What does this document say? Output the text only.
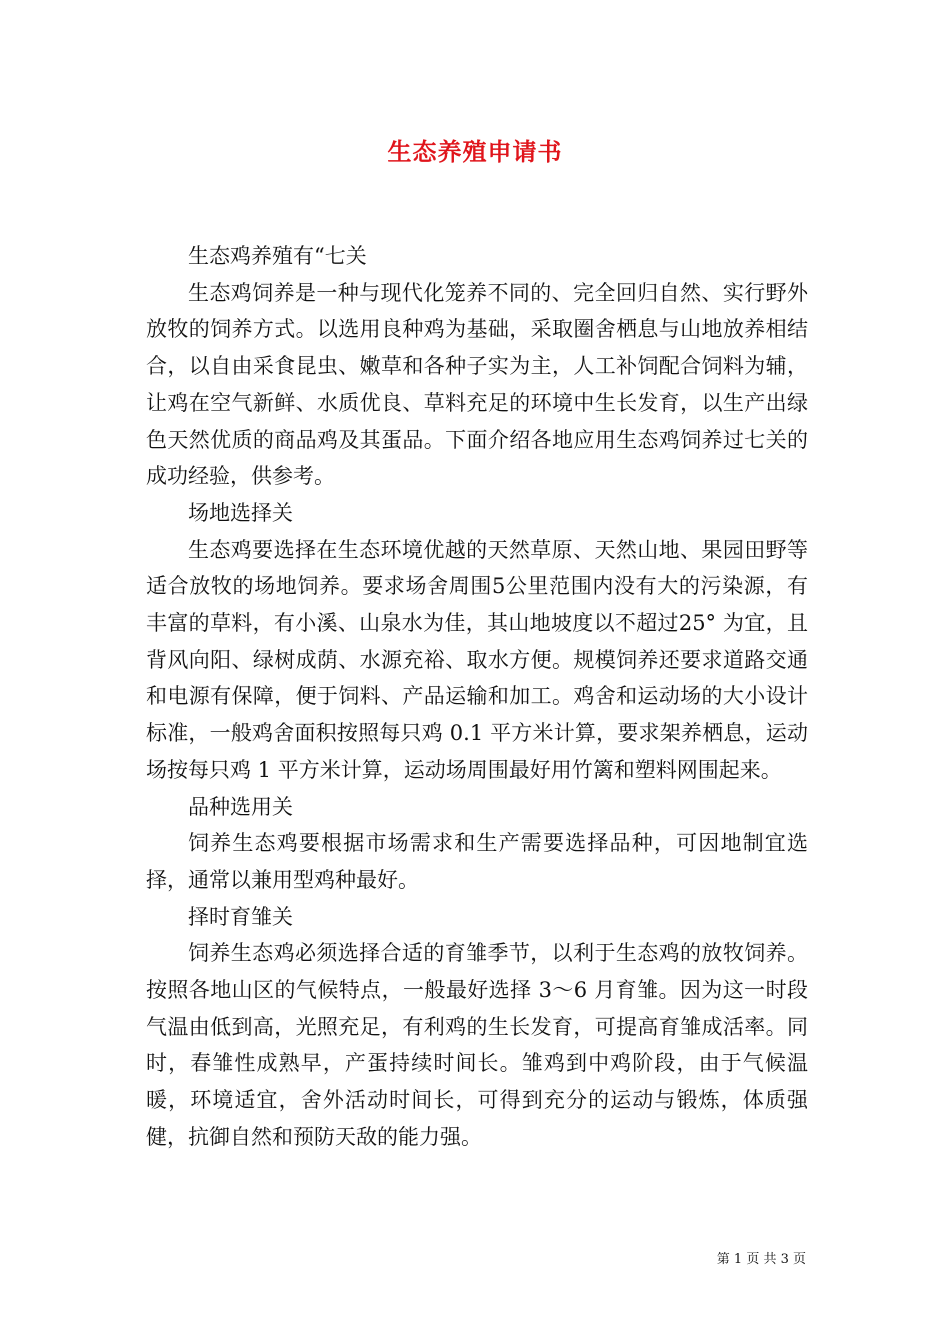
生态养殖申请书

生态鸡养殖有“七关

生态鸡饲养是一种与现代化笼养不同的、完全回归自然、实行野外放牧的饲养方式。以选用良种鸡为基础，采取圈舍栖息与山地放养相结合，以自由采食昆虫、嫩草和各种子实为主，人工补饲配合饲料为辅，让鸡在空气新鲜、水质优良、草料充足的环境中生长发育，以生产出绿色天然优质的商品鸡及其蛋品。下面介绍各地应用生态鸡饲养过七关的成功经验，供参考。

场地选择关

生态鸡要选择在生态环境优越的天然草原、天然山地、果园田野等适合放牧的场地饲养。要求场舍周围5公里范围内没有大的污染源，有丰富的草料，有小溪、山泉水为佳，其山地坡度以不超过25° 为宜，且背风向阳、绿树成荫、水源充裕、取水方便。规模饲养还要求道路交通和电源有保障，便于饲料、产品运输和加工。鸡舍和运动场的大小设计标准，一般鸡舍面积按照每只鸡 0.1 平方米计算，要求架养栖息，运动场按每只鸡 1 平方米计算，运动场周围最好用竹篱和塑料网围起来。

品种选用关

饲养生态鸡要根据市场需求和生产需要选择品种，可因地制宜选择，通常以兼用型鸡种最好。

择时育雏关

饲养生态鸡必须选择合适的育雏季节，以利于生态鸡的放牧饲养。按照各地山区的气候特点，一般最好选择 3～6 月育雏。因为这一时段气温由低到高，光照充足，有利鸡的生长发育，可提高育雏成活率。同时，春雏性成熟早，产蛋持续时间长。雏鸡到中鸡阶段，由于气候温暖，环境适宜，舍外活动时间长，可得到充分的运动与锻炼，体质强健，抗御自然和预防天敌的能力强。

第 1 页 共 3 页
